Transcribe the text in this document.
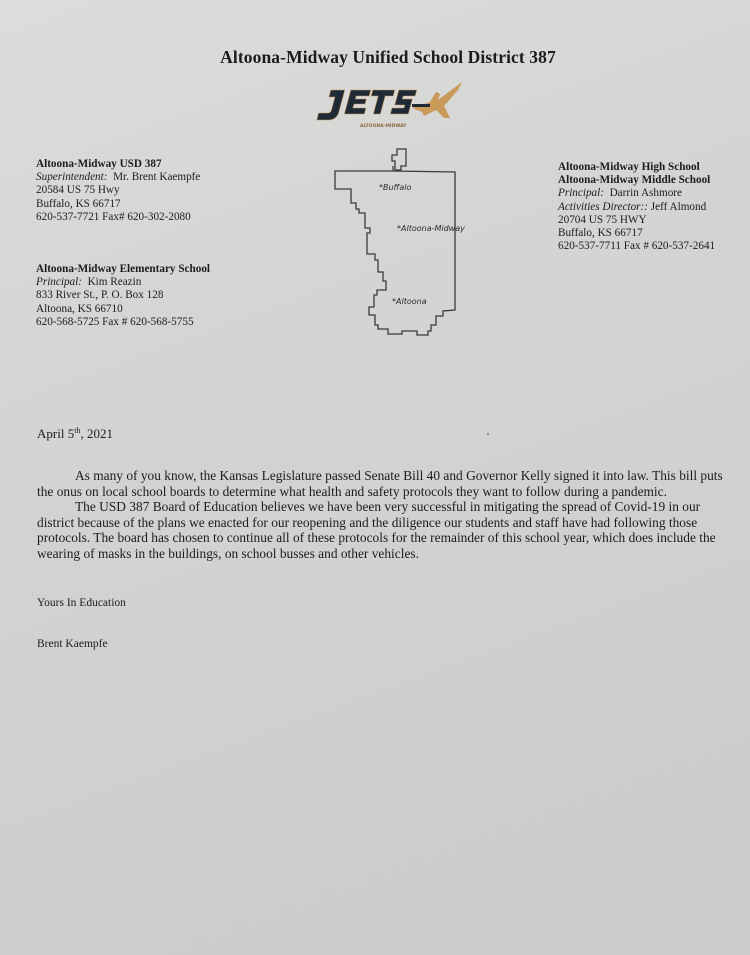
Altoona-Midway Unified School District 387
ALTOONA-MIDWAY
Altoona-Midway USD 387
Superintendent: Mr. Brent Kaempfe
20584 US 75 Hwy
Buffalo, KS 66717
620-537-7721 Fax# 620-302-2080
Altoona-Midway Elementary School
Principal: Kim Reazin
833 River St., P. O. Box 128
Altoona, KS 66710
620-568-5725 Fax # 620-568-5755
Altoona-Midway High School
Altoona-Midway Middle School
Principal: Darrin Ashmore
Activities Director:: Jeff Almond
20704 US 75 HWY
Buffalo, KS 66717
620-537-7711 Fax # 620-537-2641
*Buffalo
*Altoona-Midway
*Altoona
April 5th, 2021

As many of you know, the Kansas Legislature passed Senate Bill 40 and Governor Kelly signed it into law. This bill puts the onus on local school boards to determine what health and safety protocols they want to follow during a pandemic.

The USD 387 Board of Education believes we have been very successful in mitigating the spread of Covid-19 in our district because of the plans we enacted for our reopening and the diligence our students and staff have had following those protocols. The board has chosen to continue all of these protocols for the remainder of this school year, which does include the wearing of masks in the buildings, on school busses and other vehicles.

Yours In Education
Brent Kaempfe
